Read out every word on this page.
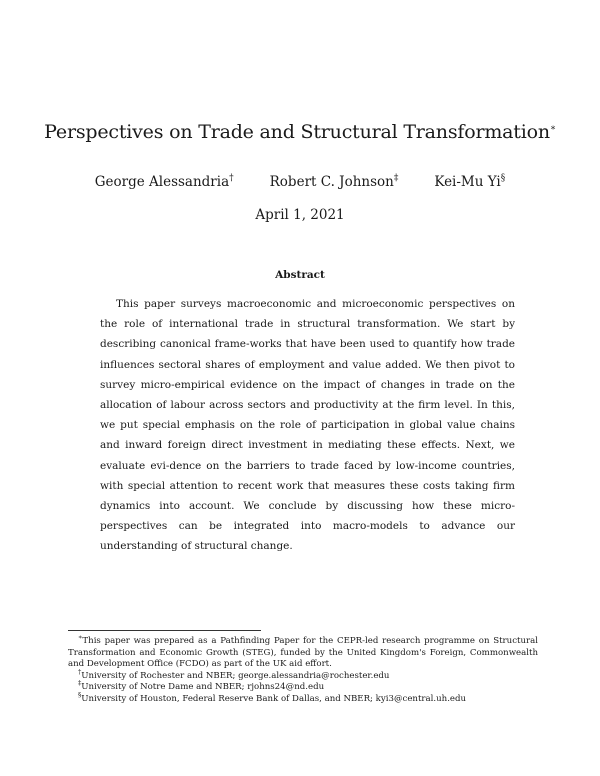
Perspectives on Trade and Structural Transformation∗
George Alessandria†	Robert C. Johnson‡	Kei-Mu Yi§
April 1, 2021
Abstract

This paper surveys macroeconomic and microeconomic perspectives on the role of international trade in structural transformation. We start by describing canonical frame-works that have been used to quantify how trade influences sectoral shares of employment and value added. We then pivot to survey micro-empirical evidence on the impact of changes in trade on the allocation of labour across sectors and productivity at the firm level. In this, we put special emphasis on the role of participation in global value chains and inward foreign direct investment in mediating these effects. Next, we evaluate evi-dence on the barriers to trade faced by low-income countries, with special attention to recent work that measures these costs taking firm dynamics into account. We conclude by discussing how these micro-perspectives can be integrated into macro-models to advance our understanding of structural change.

∗This paper was prepared as a Pathfinding Paper for the CEPR-led research programme on Structural Transformation and Economic Growth (STEG), funded by the United Kingdom's Foreign, Commonwealth and Development Office (FCDO) as part of the UK aid effort.

†University of Rochester and NBER; george.alessandria@rochester.edu

‡University of Notre Dame and NBER; rjohns24@nd.edu

§University of Houston, Federal Reserve Bank of Dallas, and NBER; kyi3@central.uh.edu
